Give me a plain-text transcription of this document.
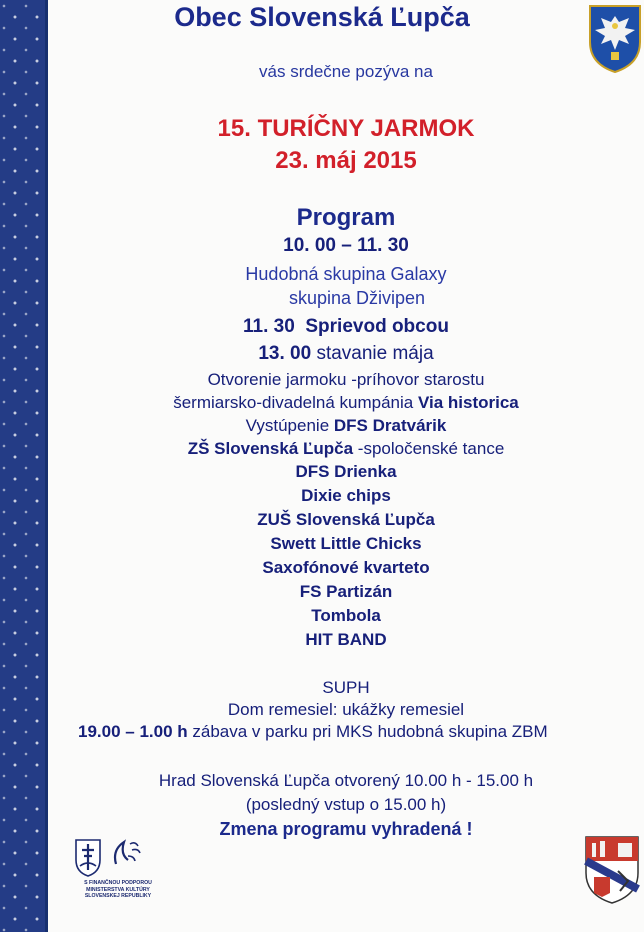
Obec Slovenská Ľupča
vás srdečne pozýva na
15. TURÍČNY JARMOK
23. máj 2015
Program
10. 00 – 11. 30
Hudobná skupina Galaxy
skupina Dživipen
11. 30 Sprievod obcou
13. 00 stavanie mája
Otvorenie jarmoku -príhovor starostu
šermiarsko-divadelná kumpánia Via historica
Vystúpenie DFS Dratvárik
ZŠ Slovenská Ľupča -spoločenské tance
DFS Drienka
Dixie chips
ZUŠ Slovenská Ľupča
Swett Little Chicks
Saxofónové kvarteto
FS Partizán
Tombola
HIT BAND
SUPH
Dom remesiel: ukážky remesiel
19.00 – 1.00 h zábava v parku pri MKS hudobná skupina ZBM
Hrad Slovenská Ľupča otvorený 10.00 h - 15.00 h
(posledný vstup o 15.00 h)
Zmena programu vyhradená !
S FINANČNOU PODPOROU
MINISTERSTVA KULTÚRY
SLOVENSKEJ REPUBLIKY
